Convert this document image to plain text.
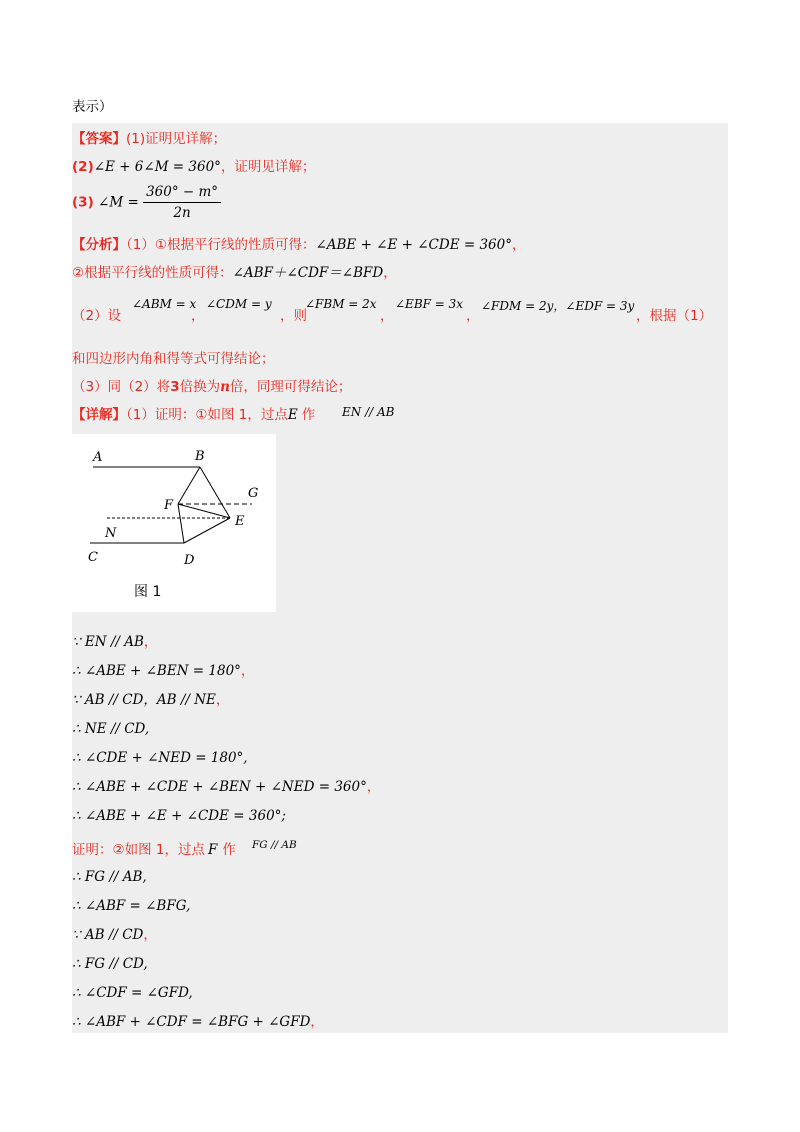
表示）
【答案】(1)证明见详解；
(2)∠E + 6∠M = 360°，证明见详解；
(3) ∠M = $\frac{360^\circ - m^\circ}{2n}$
【分析】（1）①根据平行线的性质可得：∠ABE + ∠E + ∠CDE = 360°，
②根据平行线的性质可得：∠ABF＋∠CDF＝∠BFD，
（2）设
∠ABM = x
，
∠CDM = y
，则
∠FBM = 2x
，
∠EBF = 3x
，
∠FDM = 2y，∠EDF = 3y
，根据（1）
和四边形内角和得等式可得结论；
（3）同（2）将3倍换为n倍，同理可得结论；
【详解】（1）证明：①如图 1，过点E 作 EN // AB
A	B
G
F
E
N
C	D
图 1
∵ EN // AB，
∴ ∠ABE + ∠BEN = 180°，
∵ AB // CD，AB // NE，
∴ NE // CD,
∴ ∠CDE + ∠NED = 180°,
∴ ∠ABE + ∠CDE + ∠BEN + ∠NED = 360°，
∴ ∠ABE + ∠E + ∠CDE = 360°;
证明：②如图 1，过点 F 作 FG // AB
∴ FG // AB,
∴ ∠ABF = ∠BFG,
∵ AB // CD，
∴ FG // CD,
∴ ∠CDF = ∠GFD,
∴ ∠ABF + ∠CDF = ∠BFG + ∠GFD，
